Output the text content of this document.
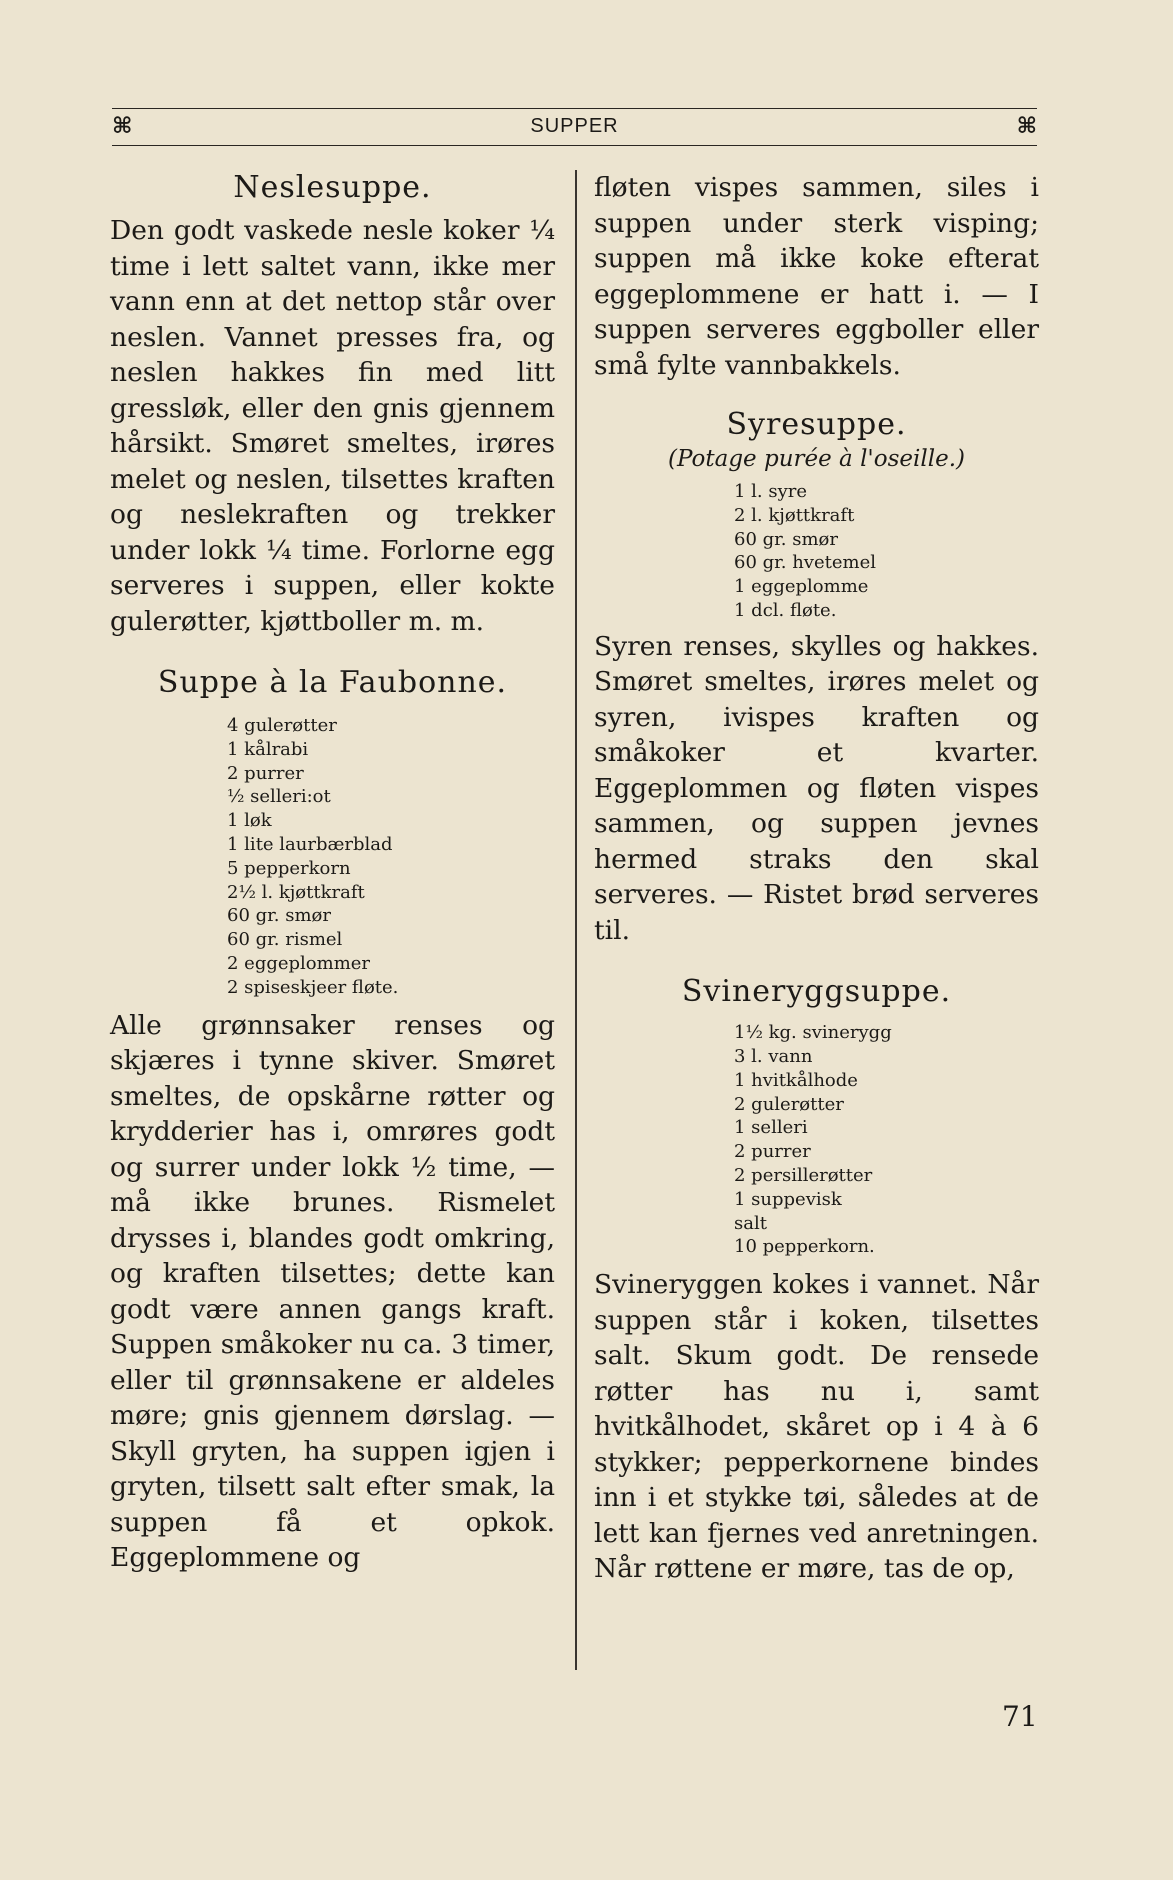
⌘	SUPPER	⌘
Neslesuppe.

Den godt vaskede nesle koker ¼ time i lett saltet vann, ikke mer vann enn at det nettop står over neslen. Vannet presses fra, og neslen hakkes fin med litt gressløk, eller den gnis gjennem hårsikt. Smøret smeltes, irøres melet og neslen, tilsettes kraften og neslekraften og trekker under lokk ¼ time. Forlorne egg serveres i suppen, eller kokte gulerøtter, kjøttboller m. m.

Suppe à la Faubonne.
4 gulerøtter
1 kålrabi
2 purrer
½ selleri:ot
1 løk
1 lite laurbærblad
5 pepperkorn
2½ l. kjøttkraft
60 gr. smør
60 gr. rismel
2 eggeplommer
2 spiseskjeer fløte.

Alle grønnsaker renses og skjæres i tynne skiver. Smøret smeltes, de opskårne røtter og krydderier has i, omrøres godt og surrer under lokk ½ time, — må ikke brunes. Rismelet drysses i, blandes godt omkring, og kraften tilsettes; dette kan godt være annen gangs kraft. Suppen småkoker nu ca. 3 timer, eller til grønnsakene er aldeles møre; gnis gjennem dørslag. — Skyll gryten, ha suppen igjen i gryten, tilsett salt efter smak, la suppen få et opkok. Eggeplommene og

fløten vispes sammen, siles i suppen under sterk visping; suppen må ikke koke efterat eggeplommene er hatt i. — I suppen serveres eggboller eller små fylte vannbakkels.

Syresuppe.
(Potage purée à l'oseille.)
1 l. syre
2 l. kjøttkraft
60 gr. smør
60 gr. hvetemel
1 eggeplomme
1 dcl. fløte.

Syren renses, skylles og hakkes. Smøret smeltes, irøres melet og syren, ivispes kraften og småkoker et kvarter. Eggeplommen og fløten vispes sammen, og suppen jevnes hermed straks den skal serveres. — Ristet brød serveres til.

Svineryggsuppe.
1½ kg. svinerygg
3 l. vann
1 hvitkålhode
2 gulerøtter
1 selleri
2 purrer
2 persillerøtter
1 suppevisk
salt
10 pepperkorn.

Svineryggen kokes i vannet. Når suppen står i koken, tilsettes salt. Skum godt. De rensede røtter has nu i, samt hvitkålhodet, skåret op i 4 à 6 stykker; pepperkornene bindes inn i et stykke tøi, således at de lett kan fjernes ved anretningen. Når røttene er møre, tas de op,

71
